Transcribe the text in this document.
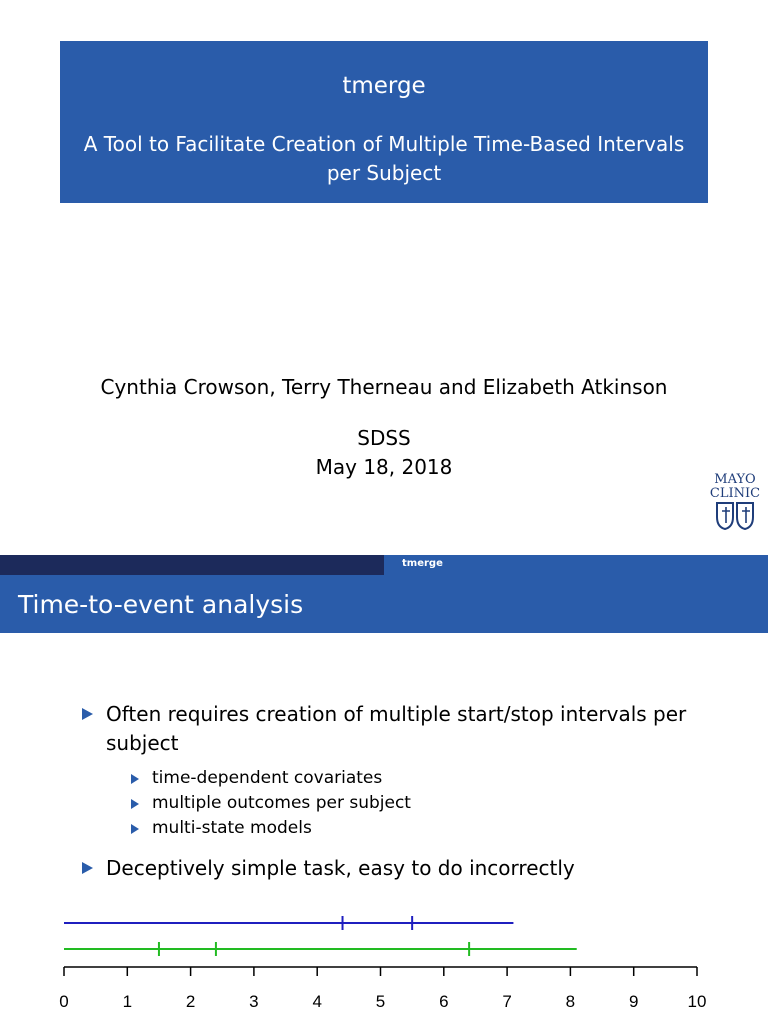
tmerge
A Tool to Facilitate Creation of Multiple Time-Based Intervals per Subject
Cynthia Crowson, Terry Therneau and Elizabeth Atkinson
SDSS
May 18, 2018
MAYO
CLINIC
tmerge
Time-to-event analysis
Often requires creation of multiple start/stop intervals per subject
time-dependent covariates
multiple outcomes per subject
multi-state models
Deceptively simple task, easy to do incorrectly
0	1	2	3	4	5	6	7	8	9	10
